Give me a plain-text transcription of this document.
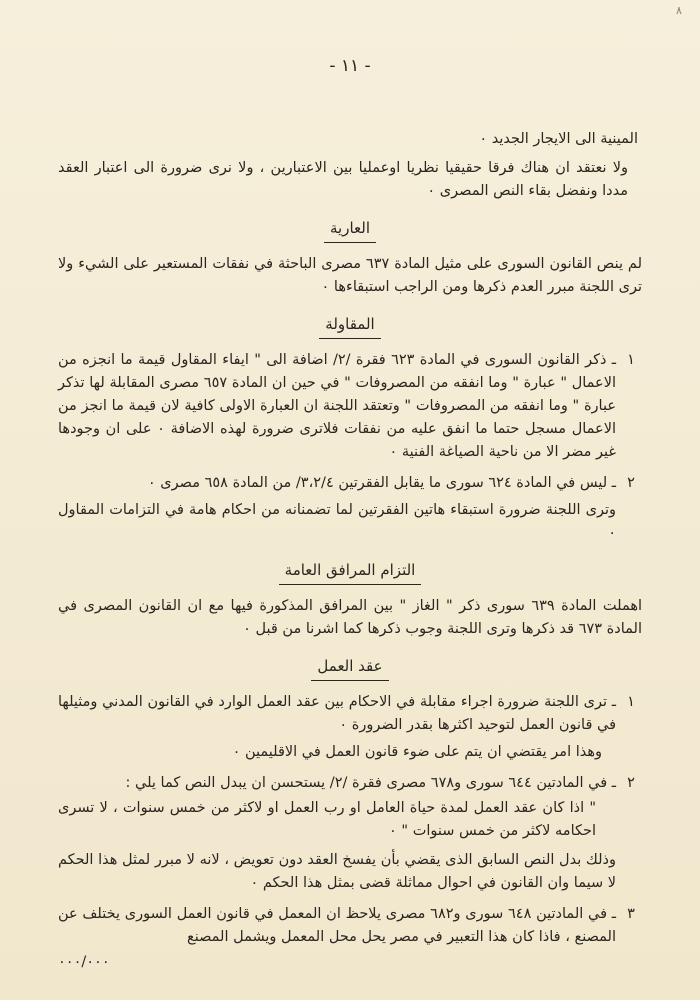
٨
- ١١ -

المينية الى الايجار الجديد ٠

ولا نعتقد ان هناك فرقا حقيقيا نظريا اوعمليا بين الاعتبارين ، ولا نرى ضرورة الى اعتبار العقد مددا ونفضل بقاء النص المصرى ٠

العارية

لم ينص القانون السورى على مثيل المادة ٦٣٧ مصرى الباحثة في نفقات المستعير على الشيء ولا ترى اللجنة مبرر العدم ذكرها ومن الراجب استبقاءها ٠

المقاولة
١

ـ ذكر القانون السورى في المادة ٦٢٣ فقرة /٢/ اضافة الى " ايفاء المقاول قيمة ما انجزه من الاعمال " عبارة " وما انفقه من المصروفات " في حين ان المادة ٦٥٧ مصرى المقابلة لها تذكر عبارة " وما انفقه من المصروفات " وتعتقد اللجنة ان العبارة الاولى كافية لان قيمة ما انجز من الاعمال مسجل حتما ما انفق عليه من نفقات فلاترى ضرورة لهذه الاضافة ٠ على ان وجودها غير مضر الا من ناحية الصياغة الفنية ٠

٢

ـ ليس في المادة ٦٢٤ سورى ما يقابل الفقرتين ٣،٢/٤/ من المادة ٦٥٨ مصرى ٠

وترى اللجنة ضرورة استبقاء هاتين الفقرتين لما تضمنانه من احكام هامة في التزامات المقاول ٠

التزام المرافق العامة

اهملت المادة ٦٣٩ سورى ذكر " الغاز " بين المرافق المذكورة فيها مع ان القانون المصرى في المادة ٦٧٣ قد ذكرها وترى اللجنة وجوب ذكرها كما اشرنا من قبل ٠

عقد العمل
١

ـ ترى اللجنة ضرورة اجراء مقابلة في الاحكام بين عقد العمل الوارد في القانون المدني ومثيلها في قانون العمل لتوحيد اكثرها بقدر الضرورة ٠

وهذا امر يقتضي ان يتم على ضوء قانون العمل في الاقليمين ٠

٢

ـ في المادتين ٦٤٤ سورى و٦٧٨ مصرى فقرة /٢/ يستحسن ان يبدل النص كما يلي :

" اذا كان عقد العمل لمدة حياة العامل او رب العمل او لاكثر من خمس سنوات ، لا تسرى احكامه لاكثر من خمس سنوات " ٠

وذلك بدل النص السابق الذى يقضي بأن يفسخ العقد دون تعويض ، لانه لا مبرر لمثل هذا الحكم لا سيما وان القانون في احوال مماثلة قضى بمثل هذا الحكم ٠

٣

ـ في المادتين ٦٤٨ سورى و٦٨٢ مصرى يلاحظ ان المعمل في قانون العمل السورى يختلف عن المصنع ، فاذا كان هذا التعبير في مصر يحل محل المعمل ويشمل المصنع

٠٠٠/٠٠٠
